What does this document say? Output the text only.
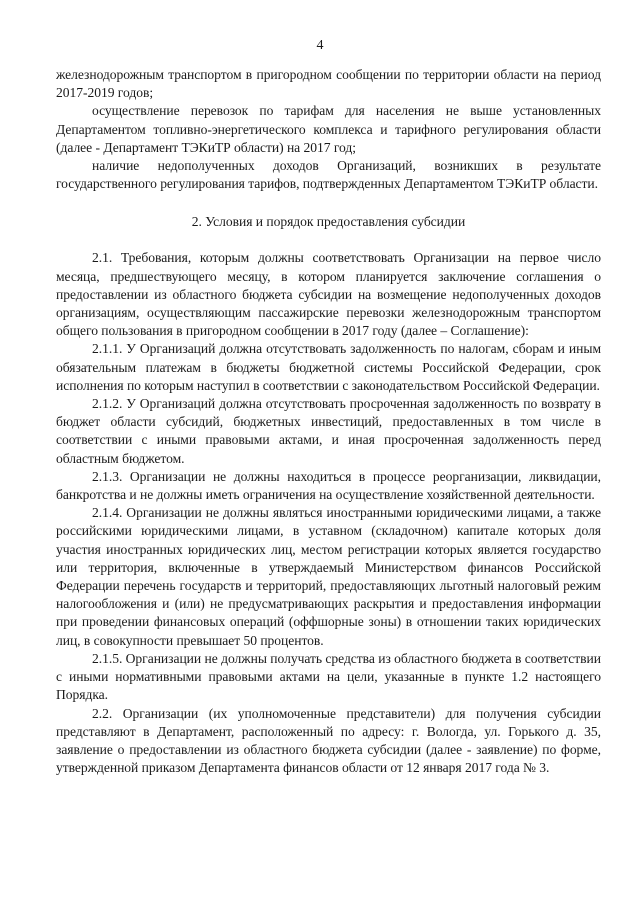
4

железнодорожным транспортом в пригородном сообщении по территории области на период 2017-2019 годов;

осуществление перевозок по тарифам для населения не выше установленных Департаментом топливно-энергетического комплекса и тарифного регулирования области (далее - Департамент ТЭКиТР области) на 2017 год;

наличие недополученных доходов Организаций, возникших в результате государственного регулирования тарифов, подтвержденных Департаментом ТЭКиТР области.

2. Условия и порядок предоставления субсидии

2.1. Требования, которым должны соответствовать Организации на первое число месяца, предшествующего месяцу, в котором планируется заключение соглашения о предоставлении из областного бюджета субсидии на возмещение недополученных доходов организациям, осуществляющим пассажирские перевозки железнодорожным транспортом общего пользования в пригородном сообщении в 2017 году (далее – Соглашение):

2.1.1. У Организаций должна отсутствовать задолженность по налогам, сборам и иным обязательным платежам в бюджеты бюджетной системы Российской Федерации, срок исполнения по которым наступил в соответствии с законодательством Российской Федерации.

2.1.2. У Организаций должна отсутствовать просроченная задолженность по возврату в бюджет области субсидий, бюджетных инвестиций, предоставленных в том числе в соответствии с иными правовыми актами, и иная просроченная задолженность перед областным бюджетом.

2.1.3. Организации не должны находиться в процессе реорганизации, ликвидации, банкротства и не должны иметь ограничения на осуществление хозяйственной деятельности.

2.1.4. Организации не должны являться иностранными юридическими лицами, а также российскими юридическими лицами, в уставном (складочном) капитале которых доля участия иностранных юридических лиц, местом регистрации которых является государство или территория, включенные в утверждаемый Министерством финансов Российской Федерации перечень государств и территорий, предоставляющих льготный налоговый режим налогообложения и (или) не предусматривающих раскрытия и предоставления информации при проведении финансовых операций (оффшорные зоны) в отношении таких юридических лиц, в совокупности превышает 50 процентов.

2.1.5. Организации не должны получать средства из областного бюджета в соответствии с иными нормативными правовыми актами на цели, указанные в пункте 1.2 настоящего Порядка.

2.2. Организации (их уполномоченные представители) для получения субсидии представляют в Департамент, расположенный по адресу: г. Вологда, ул. Горького д. 35, заявление о предоставлении из областного бюджета субсидии (далее - заявление) по форме, утвержденной приказом Департамента финансов области от 12 января 2017 года № 3.
